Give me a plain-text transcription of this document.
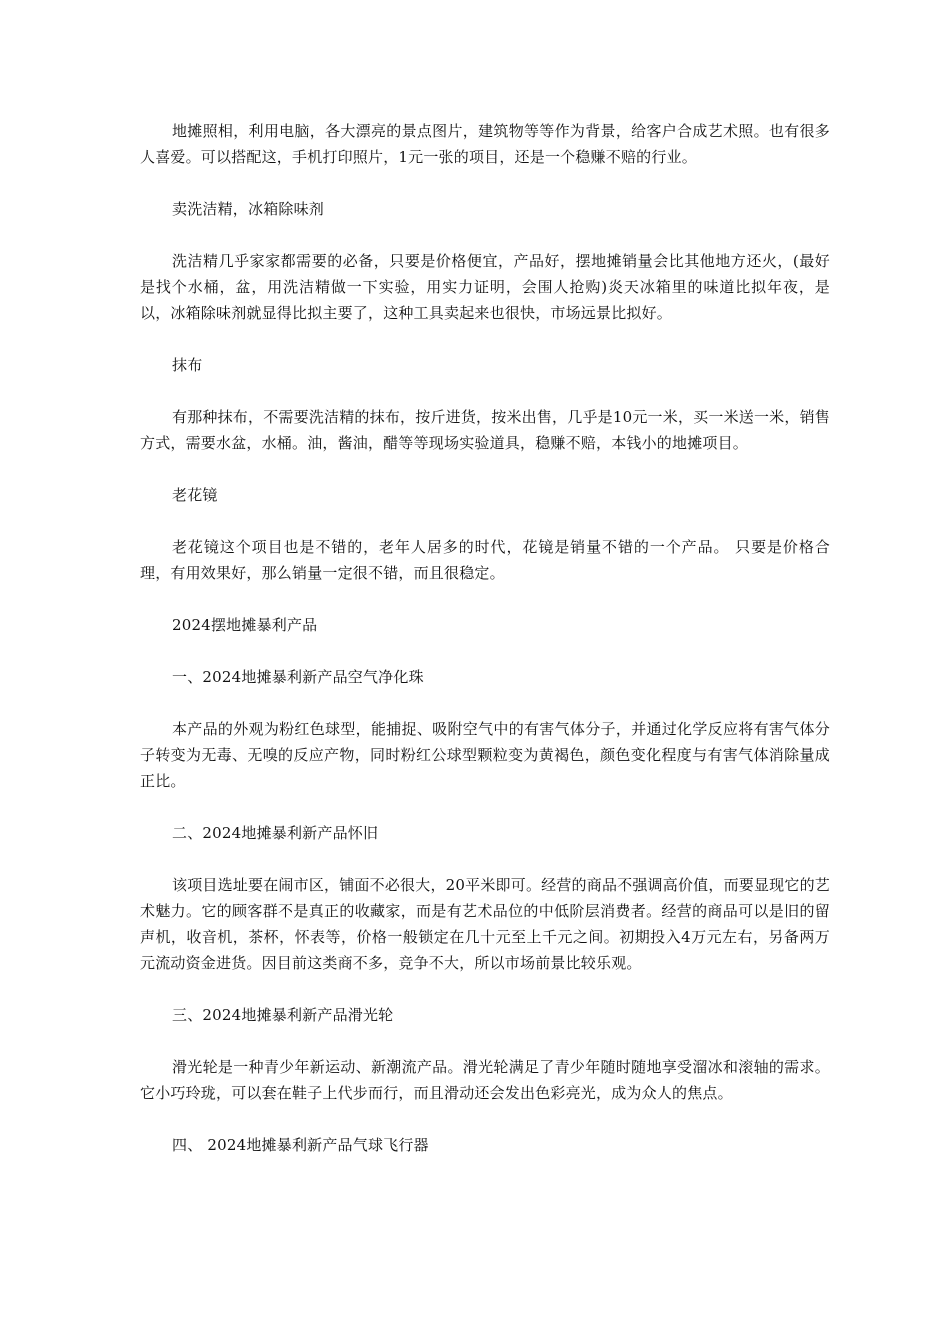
地摊照相，利用电脑，各大漂亮的景点图片，建筑物等等作为背景，给客户合成艺术照。也有很多人喜爱。可以搭配这，手机打印照片，1元一张的项目，还是一个稳赚不赔的行业。

卖洗洁精，冰箱除味剂

洗洁精几乎家家都需要的必备，只要是价格便宜，产品好，摆地摊销量会比其他地方还火，(最好是找个水桶，盆，用洗洁精做一下实验，用实力证明，会围人抢购)炎天冰箱里的味道比拟年夜，是以，冰箱除味剂就显得比拟主要了，这种工具卖起来也很快，市场远景比拟好。

抹布

有那种抹布，不需要洗洁精的抹布，按斤进货，按米出售，几乎是10元一米，买一米送一米，销售方式，需要水盆，水桶。油，酱油，醋等等现场实验道具，稳赚不赔，本钱小的地摊项目。

老花镜

老花镜这个项目也是不错的，老年人居多的时代，花镜是销量不错的一个产品。 只要是价格合理，有用效果好，那么销量一定很不错，而且很稳定。

2024摆地摊暴利产品

一、2024地摊暴利新产品空气净化珠

本产品的外观为粉红色球型，能捕捉、吸附空气中的有害气体分子，并通过化学反应将有害气体分子转变为无毒、无嗅的反应产物，同时粉红公球型颗粒变为黄褐色，颜色变化程度与有害气体消除量成正比。

二、2024地摊暴利新产品怀旧

该项目选址要在闹市区，铺面不必很大，20平米即可。经营的商品不强调高价值，而要显现它的艺术魅力。它的顾客群不是真正的收藏家，而是有艺术品位的中低阶层消费者。经营的商品可以是旧的留声机，收音机，茶杯，怀表等，价格一般锁定在几十元至上千元之间。初期投入4万元左右，另备两万元流动资金进货。因目前这类商不多，竞争不大，所以市场前景比较乐观。

三、2024地摊暴利新产品滑光轮

滑光轮是一种青少年新运动、新潮流产品。滑光轮满足了青少年随时随地享受溜冰和滚轴的需求。它小巧玲珑，可以套在鞋子上代步而行，而且滑动还会发出色彩亮光，成为众人的焦点。

四、 2024地摊暴利新产品气球飞行器
